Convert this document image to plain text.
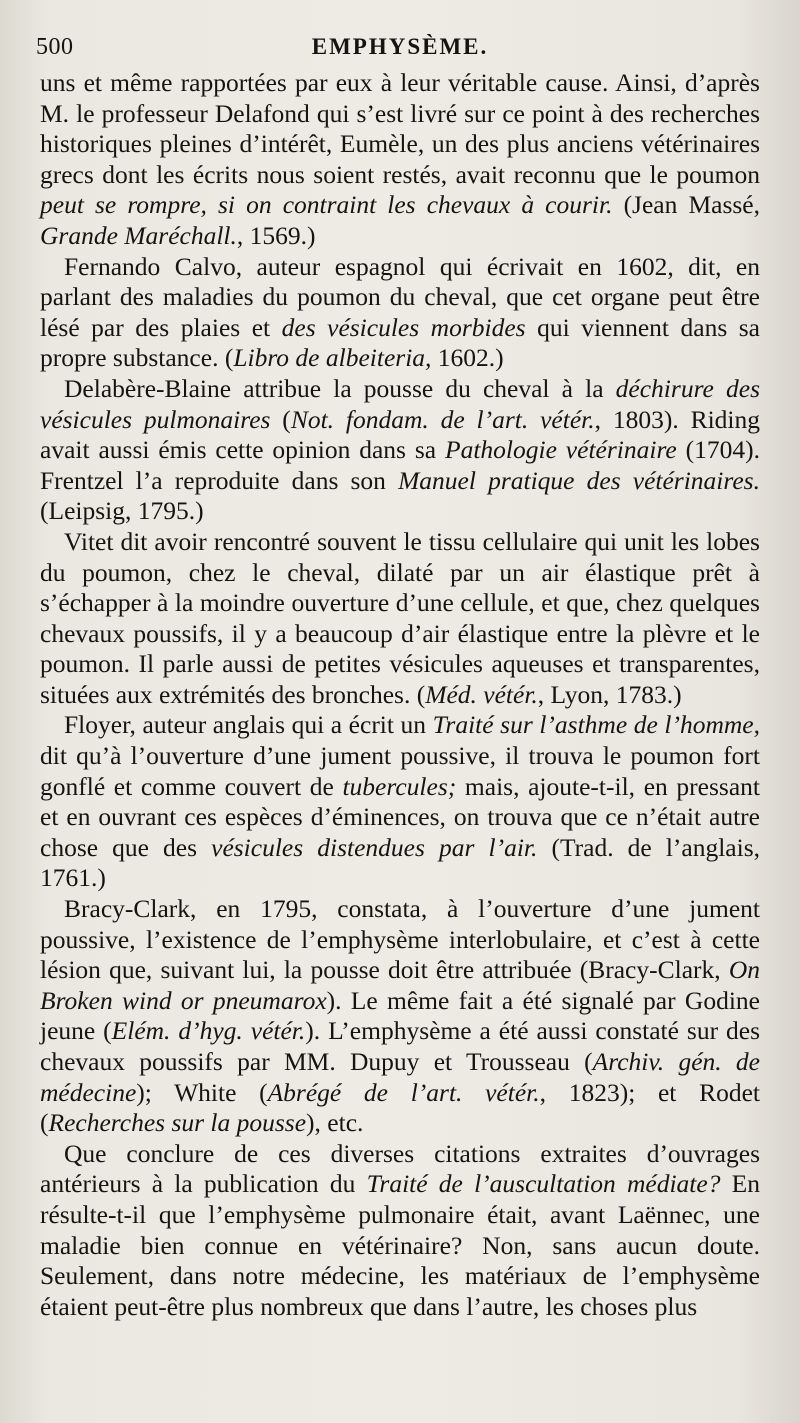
500	EMPHYSÈME.

uns et même rapportées par eux à leur véritable cause. Ainsi, d’après M. le professeur Delafond qui s’est livré sur ce point à des recherches historiques pleines d’intérêt, Eumèle, un des plus anciens vétérinaires grecs dont les écrits nous soient restés, avait reconnu que le poumon peut se rompre, si on contraint les chevaux à courir. (Jean Massé, Grande Maréchall., 1569.)

Fernando Calvo, auteur espagnol qui écrivait en 1602, dit, en parlant des maladies du poumon du cheval, que cet organe peut être lésé par des plaies et des vésicules morbides qui viennent dans sa propre substance. (Libro de albeiteria, 1602.)

Delabère-Blaine attribue la pousse du cheval à la déchirure des vésicules pulmonaires (Not. fondam. de l’art. vétér., 1803). Riding avait aussi émis cette opinion dans sa Pathologie vétérinaire (1704). Frentzel l’a reproduite dans son Manuel pratique des vétérinaires. (Leipsig, 1795.)

Vitet dit avoir rencontré souvent le tissu cellulaire qui unit les lobes du poumon, chez le cheval, dilaté par un air élastique prêt à s’échapper à la moindre ouverture d’une cellule, et que, chez quelques chevaux poussifs, il y a beaucoup d’air élastique entre la plèvre et le poumon. Il parle aussi de petites vésicules aqueuses et transparentes, situées aux extrémités des bronches. (Méd. vétér., Lyon, 1783.)

Floyer, auteur anglais qui a écrit un Traité sur l’asthme de l’homme, dit qu’à l’ouverture d’une jument poussive, il trouva le poumon fort gonflé et comme couvert de tubercules; mais, ajoute-t-il, en pressant et en ouvrant ces espèces d’éminences, on trouva que ce n’était autre chose que des vésicules distendues par l’air. (Trad. de l’anglais, 1761.)

Bracy-Clark, en 1795, constata, à l’ouverture d’une jument poussive, l’existence de l’emphysème interlobulaire, et c’est à cette lésion que, suivant lui, la pousse doit être attribuée (Bracy-Clark, On Broken wind or pneumarox). Le même fait a été signalé par Godine jeune (Elém. d’hyg. vétér.). L’emphysème a été aussi constaté sur des chevaux poussifs par MM. Dupuy et Trousseau (Archiv. gén. de médecine); White (Abrégé de l’art. vétér., 1823); et Rodet (Recherches sur la pousse), etc.

Que conclure de ces diverses citations extraites d’ouvrages antérieurs à la publication du Traité de l’auscultation médiate? En résulte-t-il que l’emphysème pulmonaire était, avant Laënnec, une maladie bien connue en vétérinaire? Non, sans aucun doute. Seulement, dans notre médecine, les matériaux de l’emphysème étaient peut-être plus nombreux que dans l’autre, les choses plus
